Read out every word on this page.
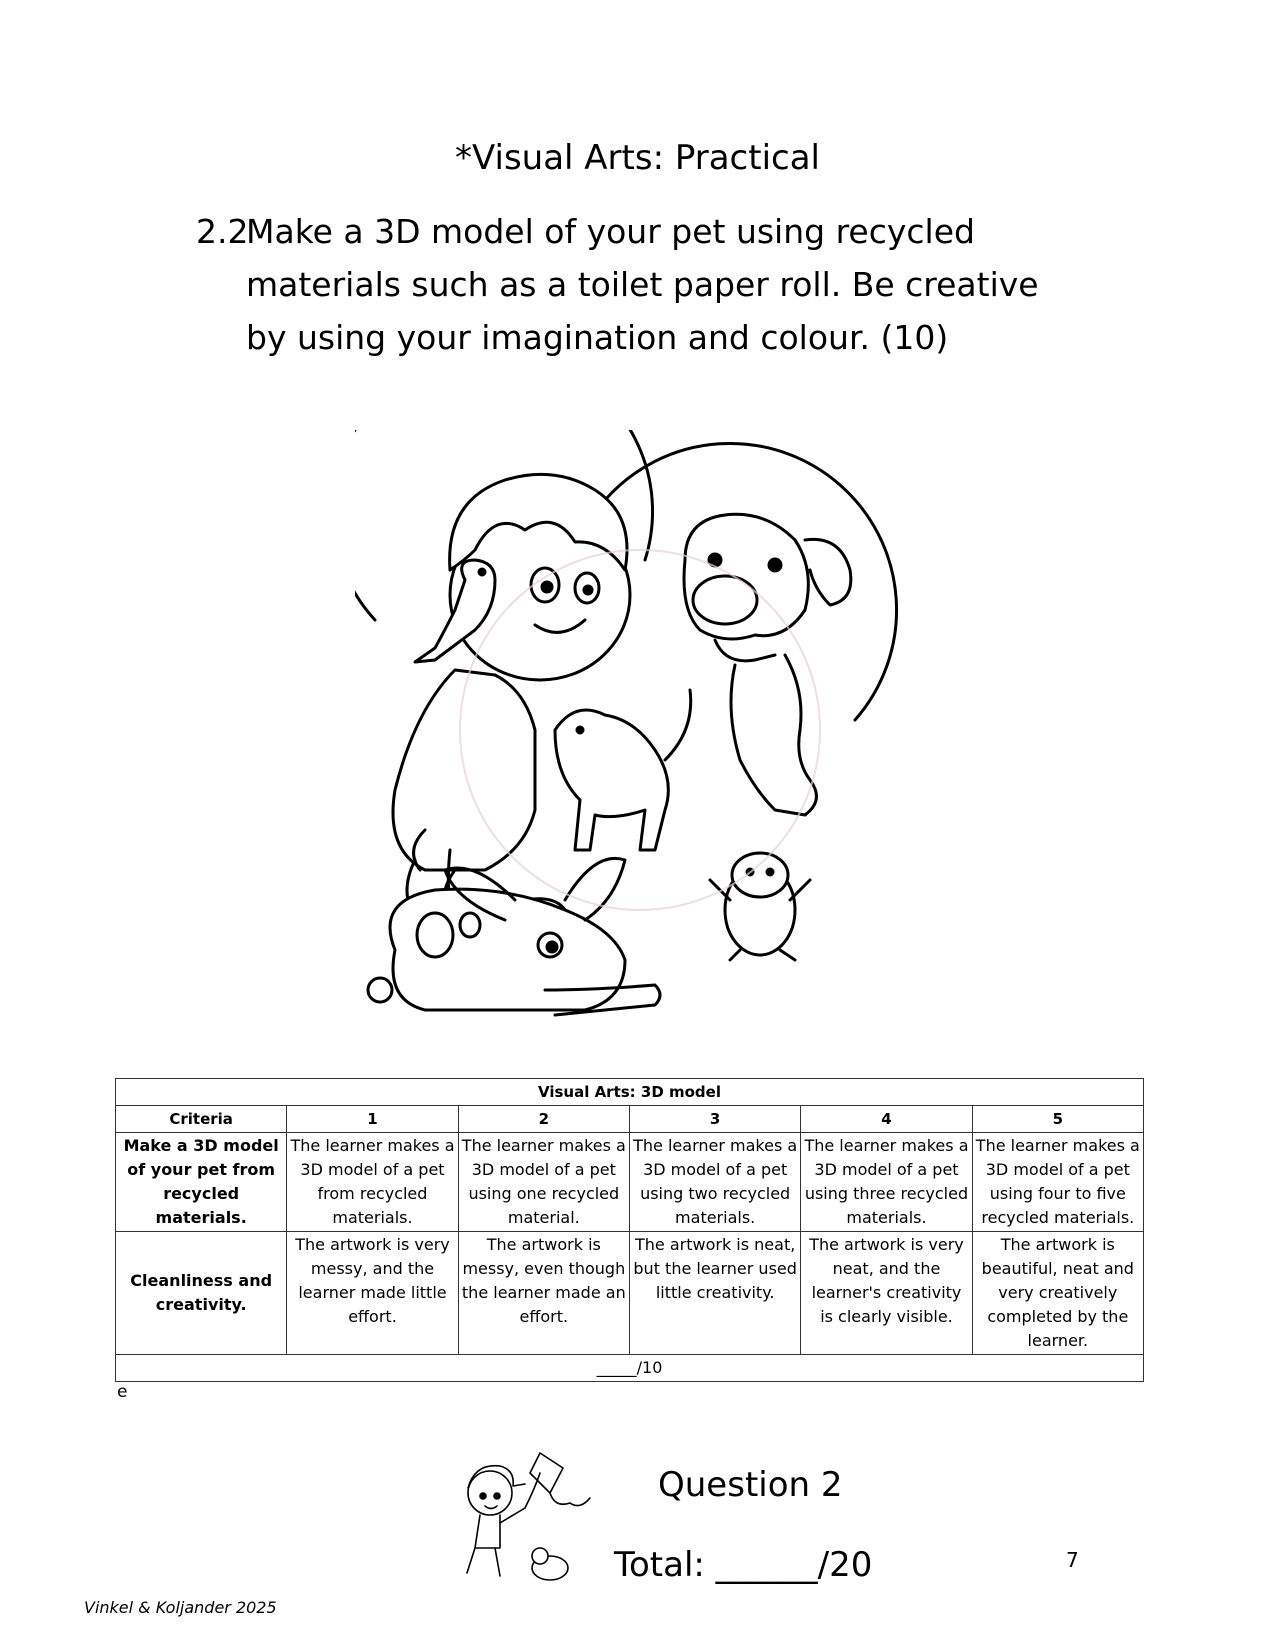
*Visual Arts: Practical
2.2
Make a 3D model of your pet using recycled materials such as a toilet paper roll. Be creative by using your imagination and colour. (10)
Visual Arts: 3D model					
Criteria	1	2	3	4	5
Make a 3D model of your pet from recycled materials.	The learner makes a 3D model of a pet from recycled materials.	The learner makes a 3D model of a pet using one recycled material.	The learner makes a 3D model of a pet using two recycled materials.	The learner makes a 3D model of a pet using three recycled materials.	The learner makes a 3D model of a pet using four to five recycled materials.
Cleanliness and creativity.	The artwork is very messy, and the learner made little effort.	The artwork is messy, even though the learner made an effort.	The artwork is neat, but the learner used little creativity.	The artwork is very neat, and the learner's creativity is clearly visible.	The artwork is beautiful, neat and very creatively completed by the learner.
_____/10					
e
Question 2
Total: ______/20	7
Vinkel & Koljander 2025
